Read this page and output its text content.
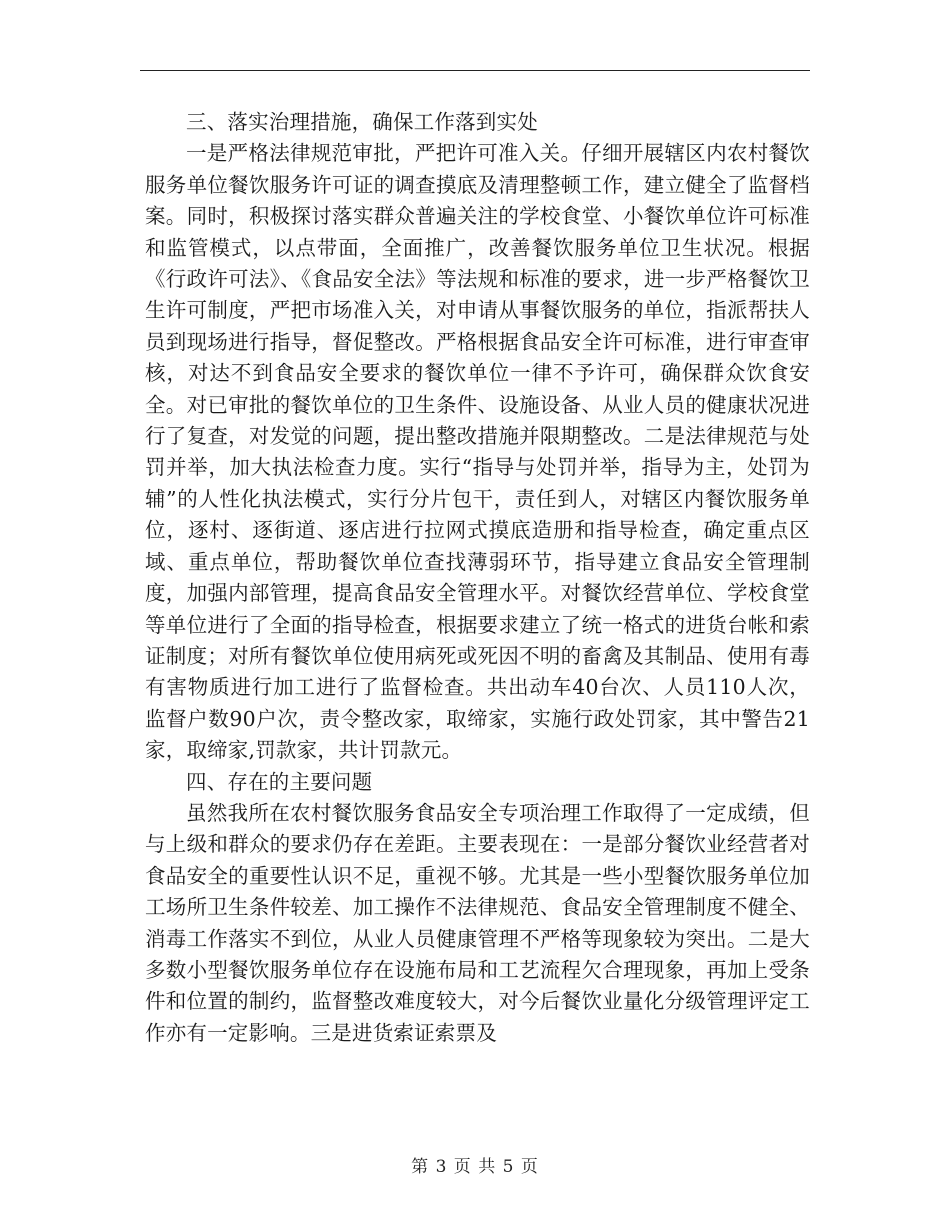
三、落实治理措施，确保工作落到实处

一是严格法律规范审批，严把许可准入关。仔细开展辖区内农村餐饮服务单位餐饮服务许可证的调查摸底及清理整顿工作，建立健全了监督档案。同时，积极探讨落实群众普遍关注的学校食堂、小餐饮单位许可标准和监管模式，以点带面，全面推广，改善餐饮服务单位卫生状况。根据《行政许可法》、《食品安全法》等法规和标准的要求，进一步严格餐饮卫生许可制度，严把市场准入关，对申请从事餐饮服务的单位，指派帮扶人员到现场进行指导，督促整改。严格根据食品安全许可标准，进行审查审核，对达不到食品安全要求的餐饮单位一律不予许可，确保群众饮食安全。对已审批的餐饮单位的卫生条件、设施设备、从业人员的健康状况进行了复查，对发觉的问题，提出整改措施并限期整改。二是法律规范与处罚并举，加大执法检查力度。实行“指导与处罚并举，指导为主，处罚为辅”的人性化执法模式，实行分片包干，责任到人，对辖区内餐饮服务单位，逐村、逐街道、逐店进行拉网式摸底造册和指导检查，确定重点区域、重点单位，帮助餐饮单位查找薄弱环节，指导建立食品安全管理制度，加强内部管理，提高食品安全管理水平。对餐饮经营单位、学校食堂等单位进行了全面的指导检查，根据要求建立了统一格式的进货台帐和索证制度；对所有餐饮单位使用病死或死因不明的畜禽及其制品、使用有毒有害物质进行加工进行了监督检查。共出动车40台次、人员110人次，监督户数90户次，责令整改家，取缔家，实施行政处罚家，其中警告21家，取缔家,罚款家，共计罚款元。

四、存在的主要问题

虽然我所在农村餐饮服务食品安全专项治理工作取得了一定成绩，但与上级和群众的要求仍存在差距。主要表现在：一是部分餐饮业经营者对食品安全的重要性认识不足，重视不够。尤其是一些小型餐饮服务单位加工场所卫生条件较差、加工操作不法律规范、食品安全管理制度不健全、消毒工作落实不到位，从业人员健康管理不严格等现象较为突出。二是大多数小型餐饮服务单位存在设施布局和工艺流程欠合理现象，再加上受条件和位置的制约，监督整改难度较大，对今后餐饮业量化分级管理评定工作亦有一定影响。三是进货索证索票及

第 3 页 共 5 页
